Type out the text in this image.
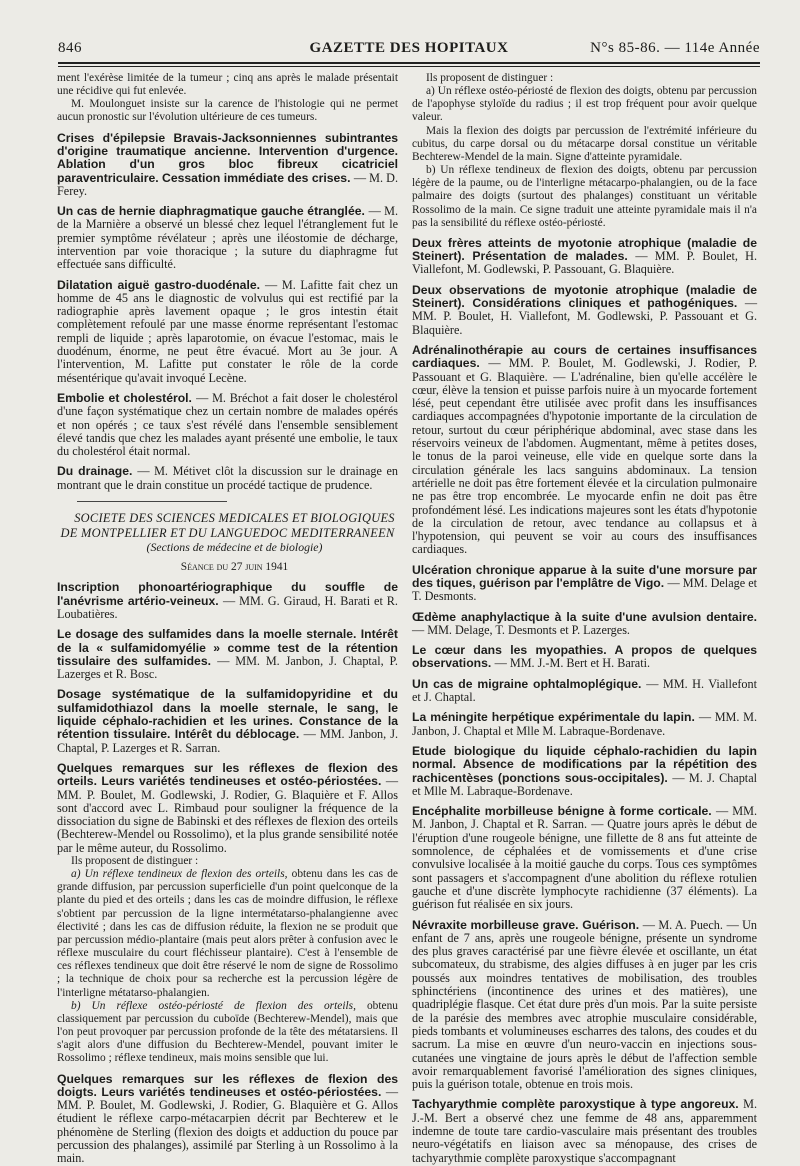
846	GAZETTE DES HOPITAUX	N°s 85-86. — 114e Année

ment l'exérèse limitée de la tumeur ; cinq ans après le malade présentait une récidive qui fut enlevée.

M. Moulonguet insiste sur la carence de l'histologie qui ne permet aucun pronostic sur l'évolution ultérieure de ces tumeurs.

Crises d'épilepsie Bravais-Jacksonniennes subintrantes d'origine traumatique ancienne. Intervention d'urgence. Ablation d'un gros bloc fibreux cicatriciel paraventriculaire. Cessation immédiate des crises. — M. D. Ferey.

Un cas de hernie diaphragmatique gauche étranglée. — M. de la Marnière a observé un blessé chez lequel l'étranglement fut le premier symptôme révélateur ; après une iléostomie de décharge, intervention par voie thoracique ; la suture du diaphragme fut effectuée sans difficulté.

Dilatation aiguë gastro-duodénale. — M. Lafitte fait chez un homme de 45 ans le diagnostic de volvulus qui est rectifié par la radiographie après lavement opaque ; le gros intestin était complètement refoulé par une masse énorme représentant l'estomac rempli de liquide ; après laparotomie, on évacue l'estomac, mais le duodénum, énorme, ne peut être évacué. Mort au 3e jour. A l'intervention, M. Lafitte put constater le rôle de la corde mésentérique qu'avait invoqué Lecène.

Embolie et cholestérol. — M. Bréchot a fait doser le cholestérol d'une façon systématique chez un certain nombre de malades opérés et non opérés ; ce taux s'est révélé dans l'ensemble sensiblement élevé tandis que chez les malades ayant présenté une embolie, le taux du cholestérol était normal.

Du drainage. — M. Métivet clôt la discussion sur le drainage en montrant que le drain constitue un procédé tactique de prudence.

SOCIETE DES SCIENCES MEDICALES ET BIOLOGIQUES DE MONTPELLIER ET DU LANGUEDOC MEDITERRANEEN

(Sections de médecine et de biologie)

Séance du 27 juin 1941

Inscription phonoartériographique du souffle de l'anévrisme artério-veineux. — MM. G. Giraud, H. Barati et R. Loubatières.

Le dosage des sulfamides dans la moelle sternale. Intérêt de la « sulfamidomyélie » comme test de la rétention tissulaire des sulfamides. — MM. M. Janbon, J. Chaptal, P. Lazerges et R. Bosc.

Dosage systématique de la sulfamidopyridine et du sulfamidothiazol dans la moelle sternale, le sang, le liquide céphalo-rachidien et les urines. Constance de la rétention tissulaire. Intérêt du déblocage. — MM. Janbon, J. Chaptal, P. Lazerges et R. Sarran.

Quelques remarques sur les réflexes de flexion des orteils. Leurs variétés tendineuses et ostéo-périostées. — MM. P. Boulet, M. Godlewski, J. Rodier, G. Blaquière et F. Allos sont d'accord avec L. Rimbaud pour souligner la fréquence de la dissociation du signe de Babinski et des réflexes de flexion des orteils (Bechterew-Mendel ou Rossolimo), et la plus grande sensibilité notée par le même auteur, du Rossolimo.

Ils proposent de distinguer :

a) Un réflexe tendineux de flexion des orteils, obtenu dans les cas de grande diffusion, par percussion superficielle d'un point quelconque de la plante du pied et des orteils ; dans les cas de moindre diffusion, le réflexe s'obtient par percussion de la ligne intermétatarso-phalangienne avec électivité ; dans les cas de diffusion réduite, la flexion ne se produit que par percussion médio-plantaire (mais peut alors prêter à confusion avec le réflexe musculaire du court fléchisseur plantaire). C'est à l'ensemble de ces réflexes tendineux que doit être réservé le nom de signe de Rossolimo ; la technique de choix pour sa recherche est la percussion légère de l'interligne métatarso-phalangien.

b) Un réflexe ostéo-périosté de flexion des orteils, obtenu classiquement par percussion du cuboïde (Bechterew-Mendel), mais que l'on peut provoquer par percussion profonde de la tête des métatarsiens. Il s'agit alors d'une diffusion du Bechterew-Mendel, pouvant imiter le Rossolimo ; réflexe tendineux, mais moins sensible que lui.

Quelques remarques sur les réflexes de flexion des doigts. Leurs variétés tendineuses et ostéo-périostées. — MM. P. Boulet, M. Godlewski, J. Rodier, G. Blaquière et G. Allos étudient le réflexe carpo-métacarpien décrit par Bechterew et le phénomène de Sterling (flexion des doigts et adduction du pouce par percussion des phalanges), assimilé par Sterling à un Rossolimo à la main.

Ils proposent de distinguer :

a) Un réflexe ostéo-périosté de flexion des doigts, obtenu par percussion de l'apophyse styloïde du radius ; il est trop fréquent pour avoir quelque valeur.

Mais la flexion des doigts par percussion de l'extrémité inférieure du cubitus, du carpe dorsal ou du métacarpe dorsal constitue un véritable Bechterew-Mendel de la main. Signe d'atteinte pyramidale.

b) Un réflexe tendineux de flexion des doigts, obtenu par percussion légère de la paume, ou de l'interligne métacarpo-phalangien, ou de la face palmaire des doigts (surtout des phalanges) constituant un véritable Rossolimo de la main. Ce signe traduit une atteinte pyramidale mais il n'a pas la sensibilité du réflexe ostéo-périosté.

Deux frères atteints de myotonie atrophique (maladie de Steinert). Présentation de malades. — MM. P. Boulet, H. Viallefont, M. Godlewski, P. Passouant, G. Blaquière.

Deux observations de myotonie atrophique (maladie de Steinert). Considérations cliniques et pathogéniques. — MM. P. Boulet, H. Viallefont, M. Godlewski, P. Passouant et G. Blaquière.

Adrénalinothérapie au cours de certaines insuffisances cardiaques. — MM. P. Boulet, M. Godlewski, J. Rodier, P. Passouant et G. Blaquière. — L'adrénaline, bien qu'elle accélère le cœur, élève la tension et puisse parfois nuire à un myocarde fortement lésé, peut cependant être utilisée avec profit dans les insuffisances cardiaques accompagnées d'hypotonie importante de la circulation de retour, surtout du cœur périphérique abdominal, avec stase dans les réservoirs veineux de l'abdomen. Augmentant, même à petites doses, le tonus de la paroi veineuse, elle vide en quelque sorte dans la circulation générale les lacs sanguins abdominaux. La tension artérielle ne doit pas être fortement élevée et la circulation pulmonaire ne pas être trop encombrée. Le myocarde enfin ne doit pas être profondément lésé. Les indications majeures sont les états d'hypotonie de la circulation de retour, avec tendance au collapsus et à l'hypotension, qui peuvent se voir au cours des insuffisances cardiaques.

Ulcération chronique apparue à la suite d'une morsure par des tiques, guérison par l'emplâtre de Vigo. — MM. Delage et T. Desmonts.

Œdème anaphylactique à la suite d'une avulsion dentaire. — MM. Delage, T. Desmonts et P. Lazerges.

Le cœur dans les myopathies. A propos de quelques observations. — MM. J.-M. Bert et H. Barati.

Un cas de migraine ophtalmoplégique. — MM. H. Viallefont et J. Chaptal.

La méningite herpétique expérimentale du lapin. — MM. M. Janbon, J. Chaptal et Mlle M. Labraque-Bordenave.

Etude biologique du liquide céphalo-rachidien du lapin normal. Absence de modifications par la répétition des rachicentèses (ponctions sous-occipitales). — M. J. Chaptal et Mlle M. Labraque-Bordenave.

Encéphalite morbilleuse bénigne à forme corticale. — MM. M. Janbon, J. Chaptal et R. Sarran. — Quatre jours après le début de l'éruption d'une rougeole bénigne, une fillette de 8 ans fut atteinte de somnolence, de céphalées et de vomissements et d'une crise convulsive localisée à la moitié gauche du corps. Tous ces symptômes sont passagers et s'accompagnent d'une abolition du réflexe rotulien gauche et d'une discrète lymphocyte rachidienne (37 éléments). La guérison fut réalisée en six jours.

Névraxite morbilleuse grave. Guérison. — M. A. Puech. — Un enfant de 7 ans, après une rougeole bénigne, présente un syndrome des plus graves caractérisé par une fièvre élevée et oscillante, un état subcomateux, du strabisme, des algies diffuses à en juger par les cris poussés aux moindres tentatives de mobilisation, des troubles sphinctériens (incontinence des urines et des matières), une quadriplégie flasque. Cet état dure près d'un mois. Par la suite persiste de la parésie des membres avec atrophie musculaire considérable, pieds tombants et volumineuses escharres des talons, des coudes et du sacrum. La mise en œuvre d'un neuro-vaccin en injections sous-cutanées une vingtaine de jours après le début de l'affection semble avoir remarquablement favorisé l'amélioration des signes cliniques, puis la guérison totale, obtenue en trois mois.

Tachyarythmie complète paroxystique à type angoreux. M. J.-M. Bert a observé chez une femme de 48 ans, apparemment indemne de toute tare cardio-vasculaire mais présentant des troubles neuro-végétatifs en liaison avec sa ménopause, des crises de tachyarythmie complète paroxystique s'accompagnant
